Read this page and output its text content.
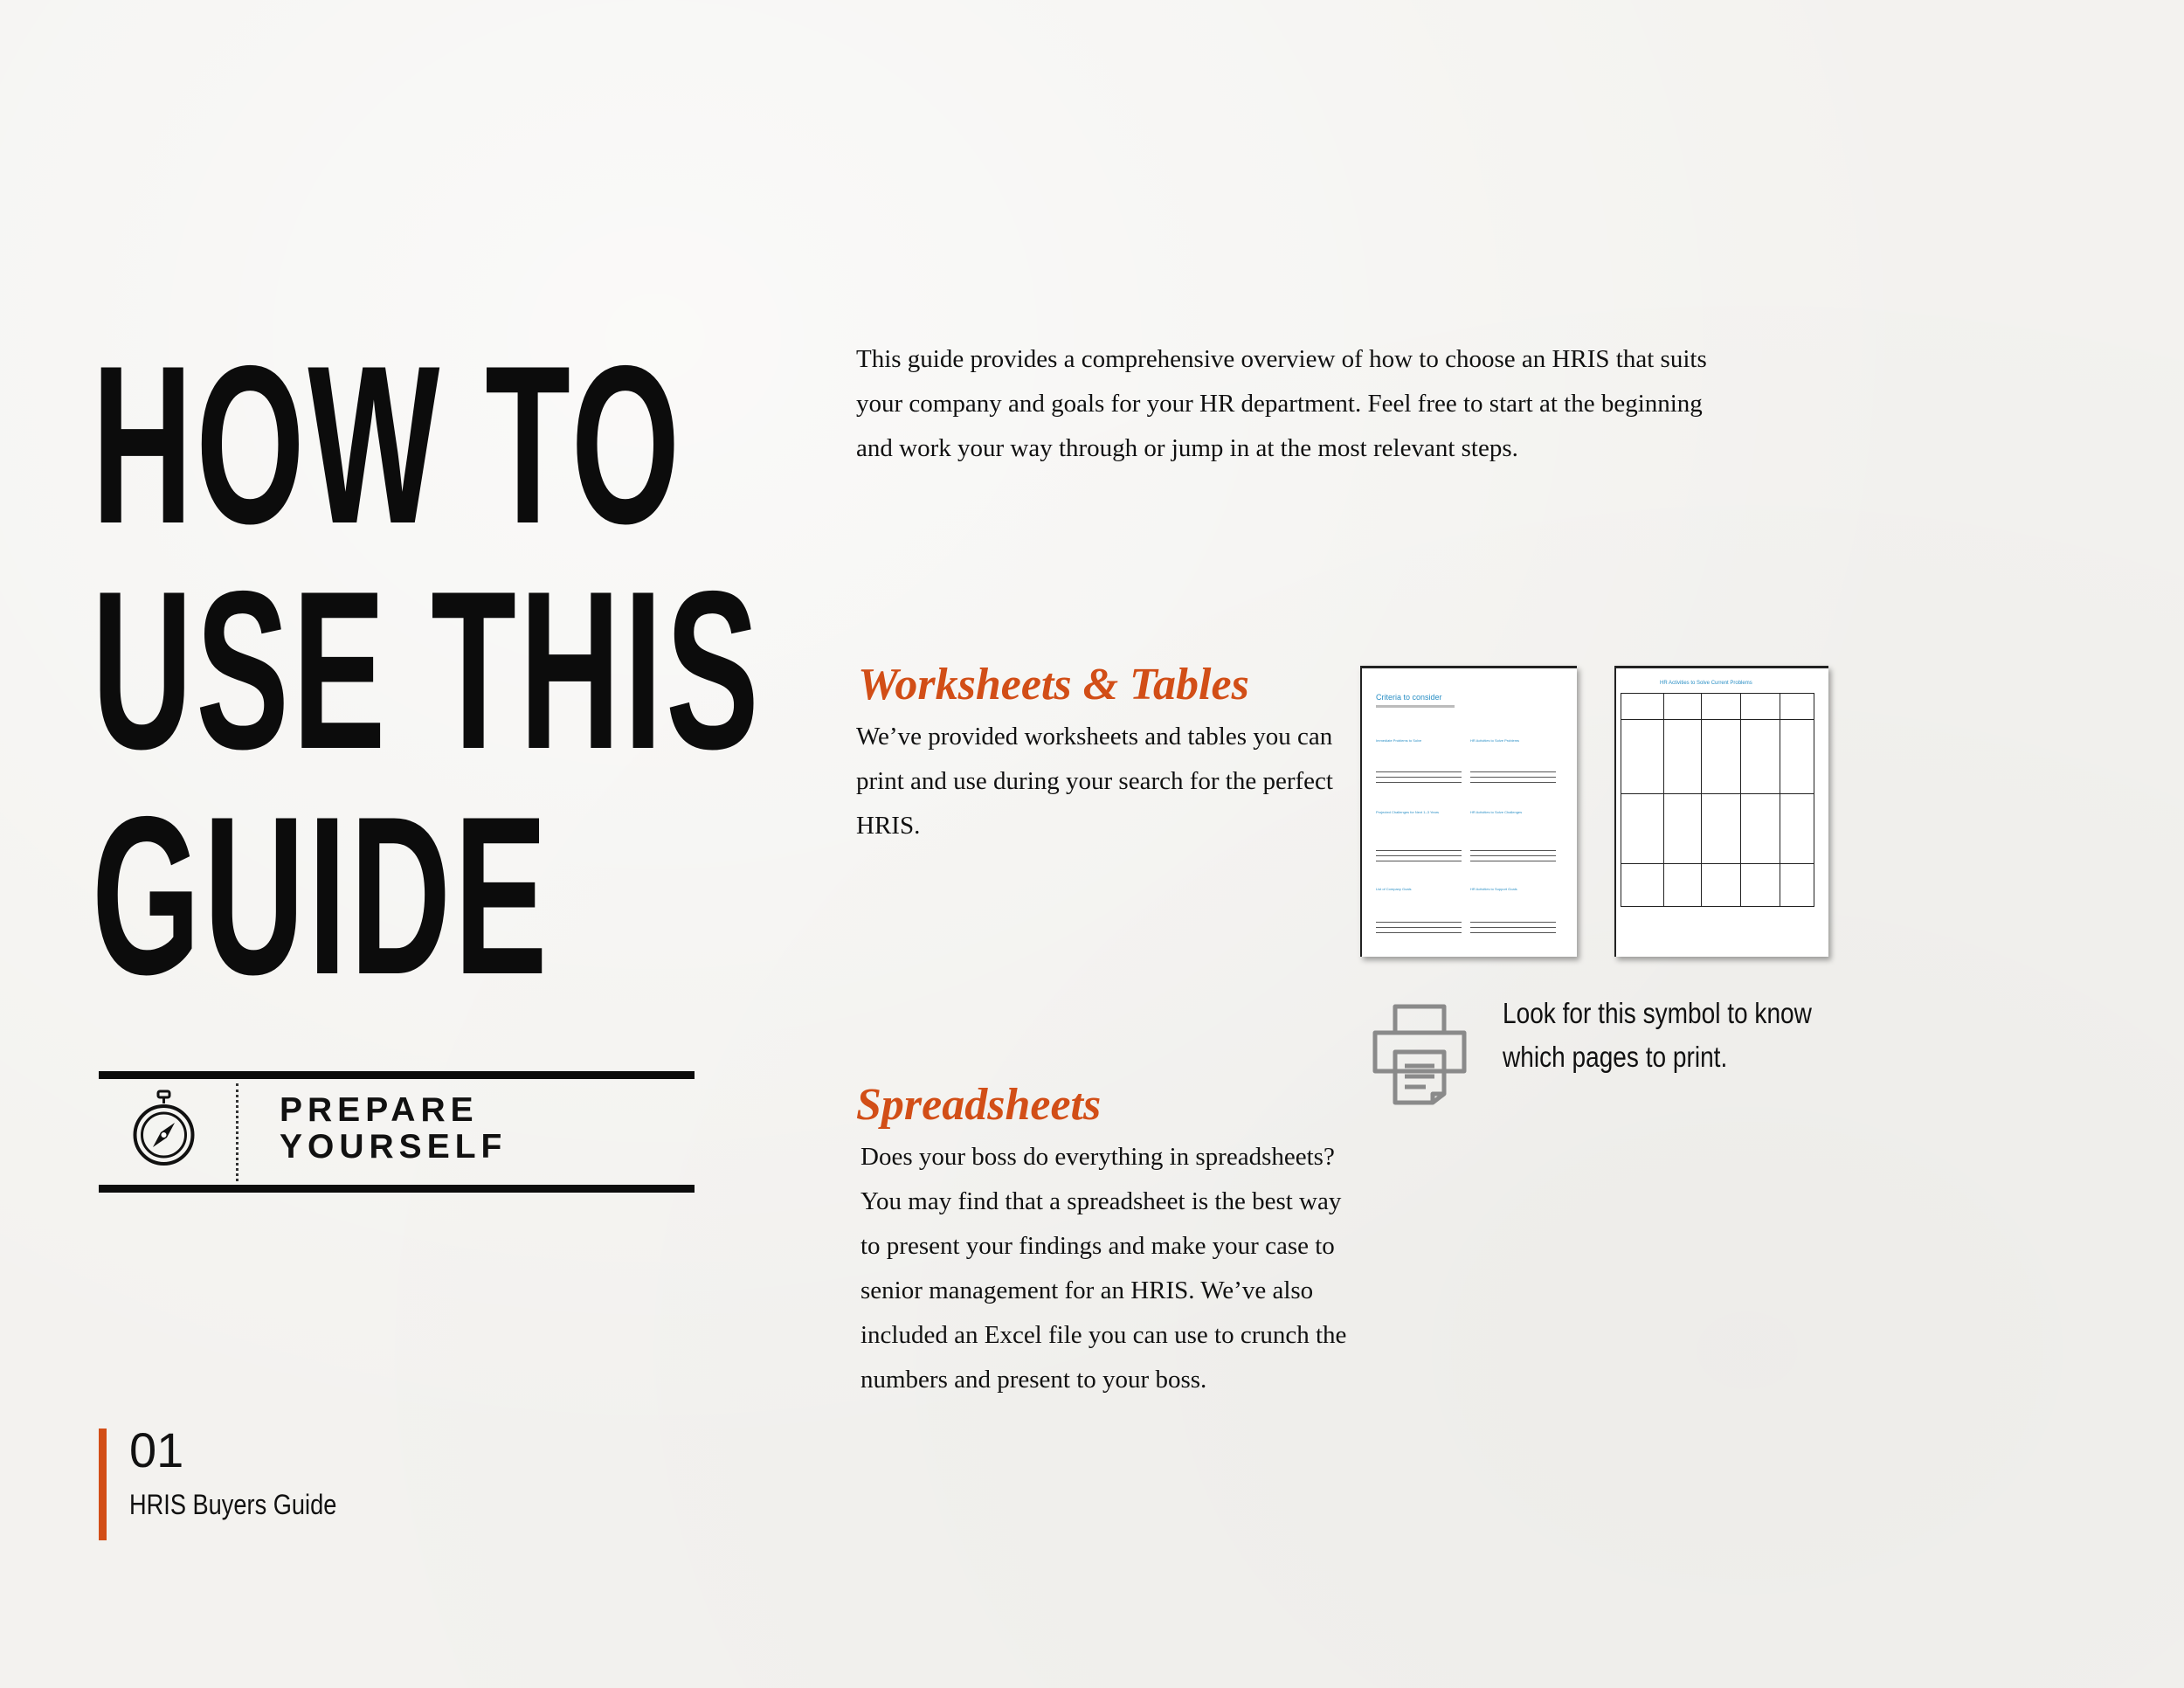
HOW TO
USE THIS
GUIDE
PREPARE
YOURSELF
01
HRIS Buyers Guide
This guide provides a comprehensive overview of how to choose an HRIS that suits your company and goals for your HR department. Feel free to start at the beginning and work your way through or jump in at the most relevant steps.
Worksheets & Tables
We’ve provided worksheets and tables you can print and use during your search for the perfect HRIS.
Criteria to consider
Immediate Problems to Solve	HR Activities to Solve Problems
Projected Challenges for Next 1–3 Years	HR Activities to Solve Challenges
List of Company Goals	HR Activities to Support Goals
HR Activities to Solve Current Problems

Look for this symbol to know which pages to print.
Spreadsheets
Does your boss do everything in spreadsheets? You may find that a spreadsheet is the best way to present your findings and make your case to senior management for an HRIS. We’ve also included an Excel file you can use to crunch the numbers and present to your boss.
